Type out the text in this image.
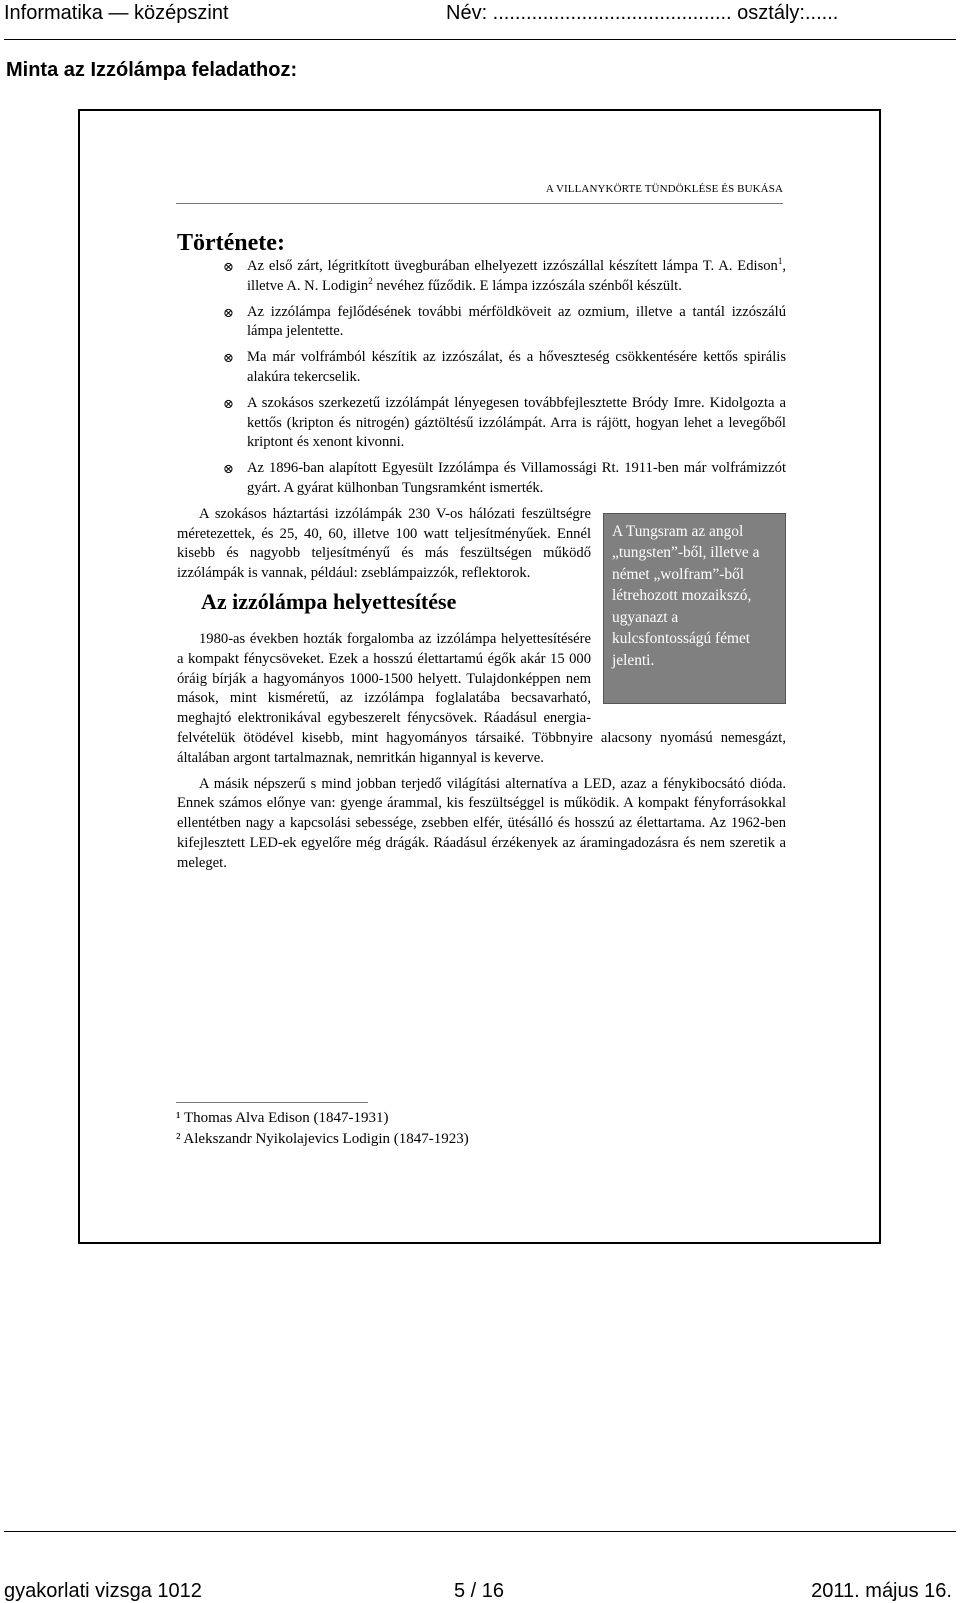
Informatika — középszint	Név: ........................................... osztály:......
Minta az Izzólámpa feladathoz:
A VILLANYKÖRTE TÜNDÖKLÉSE ÉS BUKÁSA

Története:

⊗ Az első zárt, légritkított üvegburában elhelyezett izzószállal készített lámpa T. A. Edison$^1$, illetve A. N. Lodigin$^2$ nevéhez fűződik. E lámpa izzószála szénből készült.
⊗ Az izzólámpa fejlődésének további mérföldköveit az ozmium, illetve a tantál izzószálú lámpa jelentette.
⊗ Ma már volfrámból készítik az izzószálat, és a hőveszteség csökkentésére kettős spirális alakúra tekercselik.
⊗ A szokásos szerkezetű izzólámpát lényegesen továbbfejlesztette Bródy Imre. Kidolgozta a kettős (kripton és nitrogén) gáztöltésű izzólámpát. Arra is rájött, hogyan lehet a levegőből kriptont és xenont kivonni.
⊗ Az 1896-ban alapított Egyesült Izzólámpa és Villamossági Rt. 1911-ben már volfrámizzót gyárt. A gyárat külhonban Tungsramként ismerték.
A Tungsram az angol „tungsten”-ből, illetve a német „wolfram”-ből létrehozott mozaikszó, ugyanazt a kulcsfontosságú fémet jelenti.

A szokásos háztartási izzólámpák 230 V-os hálózati feszültségre méretezettek, és 25, 40, 60, illetve 100 watt teljesítményűek. Ennél kisebb és nagyobb teljesítményű és más feszültségen működő izzólámpák is vannak, például: zseblámpaizzók, reflektorok.

Az izzólámpa helyettesítése

1980-as években hozták forgalomba az izzólámpa helyettesítésére a kompakt fénycsöveket. Ezek a hosszú élettartamú égők akár 15 000 óráig bírják a hagyományos 1000-1500 helyett. Tulajdonképpen nem mások, mint kisméretű, az izzólámpa foglalatába becsavarható, meghajtó elektronikával egybeszerelt fénycsövek. Ráadásul energia-felvételük ötödével kisebb, mint hagyományos társaiké. Többnyire alacsony nyomású nemesgázt, általában argont tartalmaznak, nemritkán higannyal is keverve.

A másik népszerű s mind jobban terjedő világítási alternatíva a LED, azaz a fénykibocsátó dióda. Ennek számos előnye van: gyenge árammal, kis feszültséggel is működik. A kompakt fényforrásokkal ellentétben nagy a kapcsolási sebessége, zsebben elfér, ütésálló és hosszú az élettartama. Az 1962-ben kifejlesztett LED-ek egyelőre még drágák. Ráadásul érzékenyek az áramingadozásra és nem szeretik a meleget.

¹ Thomas Alva Edison (1847-1931)
² Alekszandr Nyikolajevics Lodigin (1847-1923)
gyakorlati vizsga 1012	5 / 16	2011. május 16.
